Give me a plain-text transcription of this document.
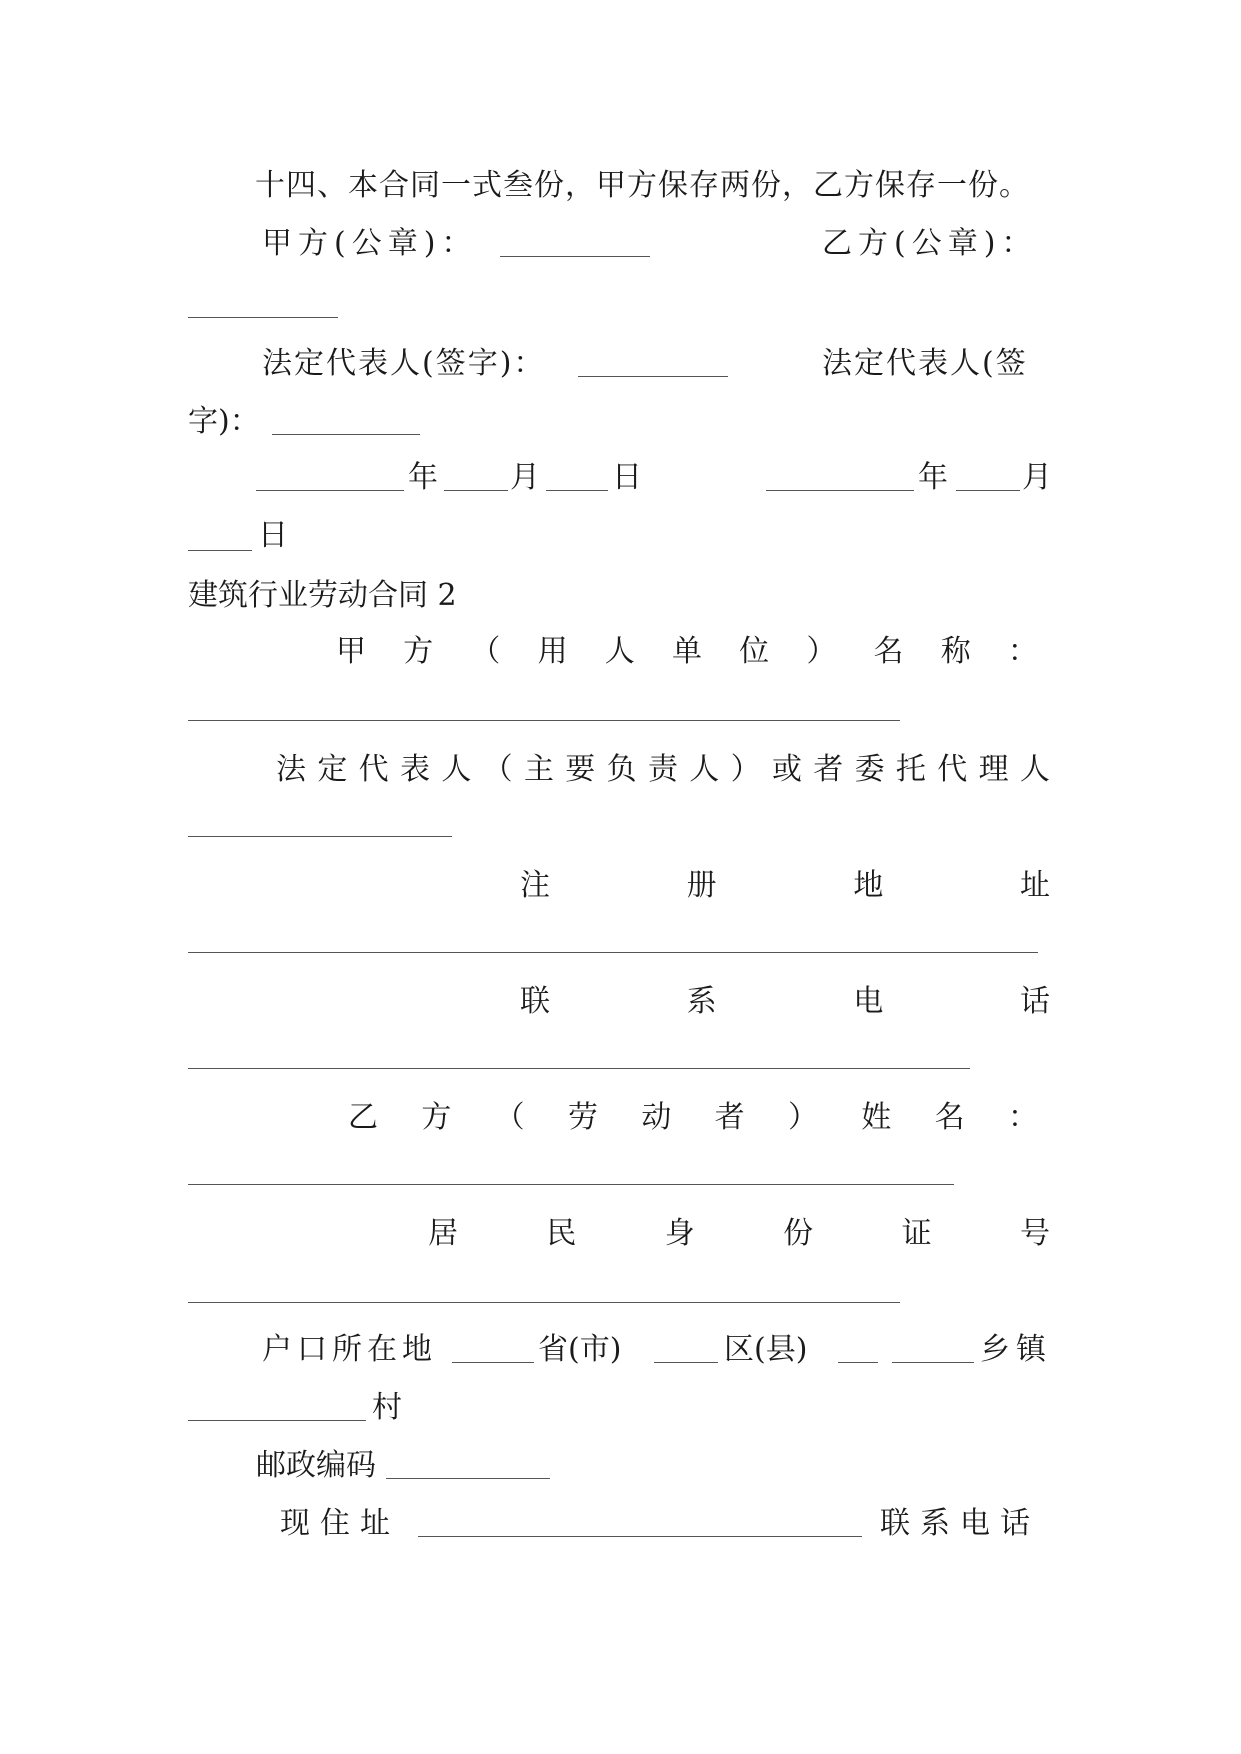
十四、本合同一式叁份，甲方保存两份，乙方保存一份。
甲方(公章)：	乙方(公章)：
法定代表人(签字)：	法定代表人(签
字)：
年 月 日	年 月
日
建筑行业劳动合同 2
甲 方 （ 用 人 单 位 ） 名 称 ：
法 定 代 表 人 （ 主 要 负 责 人 ） 或 者 委 托 代 理 人
注	册	地	址
联	系	电	话
乙 方 （ 劳 动 者 ） 姓 名 ：
居	民	身	份	证	号
户口所在地	省(市)	区(县)	乡镇
村
邮政编码
现住址	联系电话
